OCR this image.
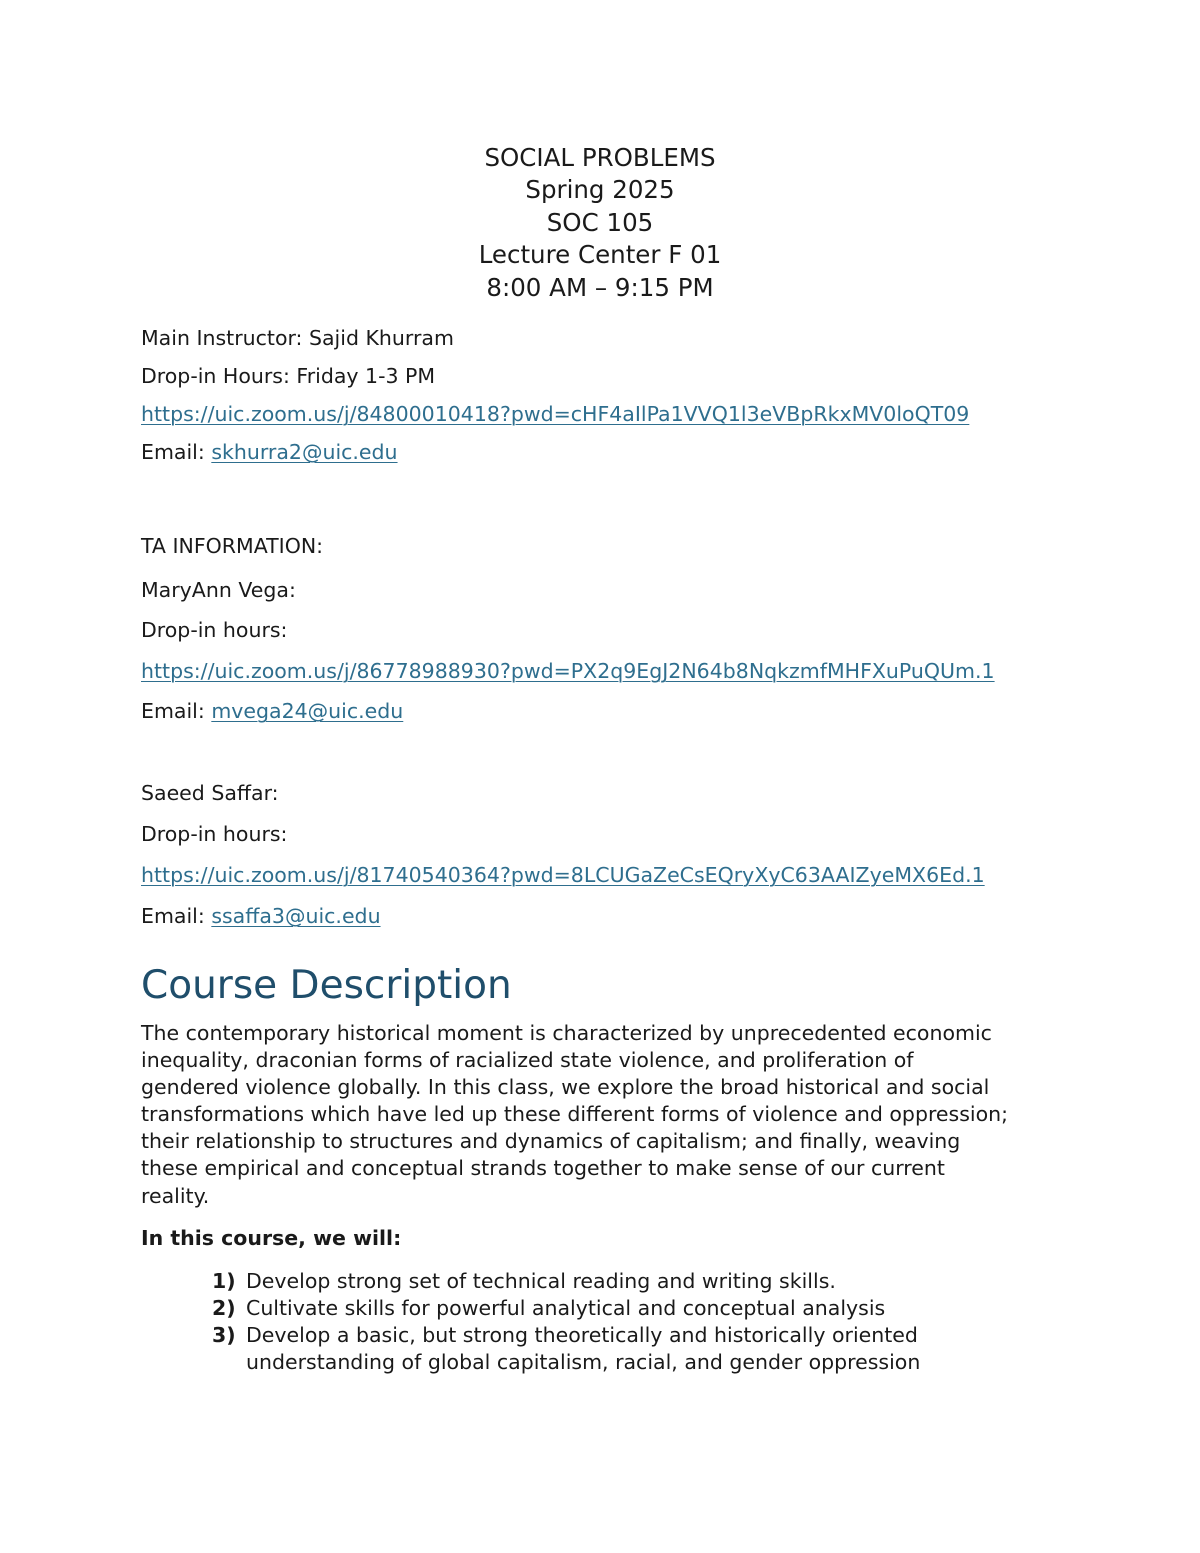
SOCIAL PROBLEMS
Spring 2025
SOC 105
Lecture Center F 01
8:00 AM – 9:15 PM
Main Instructor: Sajid Khurram
Drop-in Hours: Friday 1-3 PM
https://uic.zoom.us/j/84800010418?pwd=cHF4aIlPa1VVQ1l3eVBpRkxMV0loQT09
Email: skhurra2@uic.edu
TA INFORMATION:
MaryAnn Vega:
Drop-in hours:
https://uic.zoom.us/j/86778988930?pwd=PX2q9EgJ2N64b8NqkzmfMHFXuPuQUm.1
Email: mvega24@uic.edu
Saeed Saffar:
Drop-in hours:
https://uic.zoom.us/j/81740540364?pwd=8LCUGaZeCsEQryXyC63AAIZyeMX6Ed.1
Email: ssaffa3@uic.edu
Course Description
The contemporary historical moment is characterized by unprecedented economic
inequality, draconian forms of racialized state violence, and proliferation of
gendered violence globally. In this class, we explore the broad historical and social
transformations which have led up these different forms of violence and oppression;
their relationship to structures and dynamics of capitalism; and finally, weaving
these empirical and conceptual strands together to make sense of our current
reality.
In this course, we will:
1) Develop strong set of technical reading and writing skills.
2) Cultivate skills for powerful analytical and conceptual analysis
3) Develop a basic, but strong theoretically and historically oriented
understanding of global capitalism, racial, and gender oppression
